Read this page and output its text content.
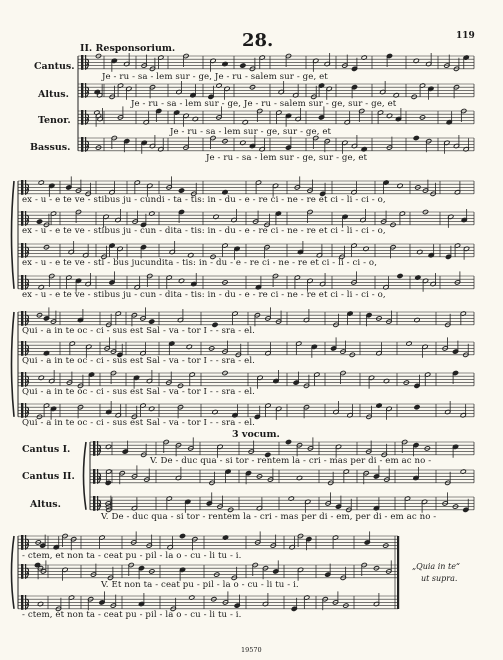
28.	119
II. Responsorium.
Cantus.
Altus.
Tenor.
Bassus.
Je - ru - sa - lem sur - ge, Je - ru - salem sur - ge, et
Je - ru - sa - lem sur - ge, Je - ru - salem sur - ge, sur - ge, et
Je - ru - sa - lem sur - ge, sur - ge, et
Je - ru - sa - lem sur - ge, sur - ge, et
ex - u - e te ve - stibus ju - cundi - ta - tis: in - du - e - re ci - ne - re et ci - li - ci - o,
ex - u - e te ve - stibus ju - cun - dita - tis: in - du - e - re ci - ne - re et ci - li - ci - o,
ex - u - e te ve - sti - bus jucundita - tis: in - du - e - re ci - ne - re et ci - li - ci - o,
ex - u - e te ve - stibus ju - cun - dita - tis: in - du - e - re ci - ne - re et ci - li - ci - o,
Qui - a in te oc - ci - sus est Sal - va - tor I - - sra - el.
Qui - a in te oc - ci - sus est Sal - va - tor I - - sra - el.
Qui - a in te oc - ci - sus est Sal - va - tor I - - sra - el.
Qui - a in te oc - ci - sus est Sal - va - tor I - - sra - el.
3 vocum.
Cantus I.
Cantus II.
Altus.
V. De - duc qua - si tor - rentem la - cri - mas per di - em ac no -
V. De - duc qua - si tor - rentem la - cri - mas per di - em, per di - em ac no -
- ctem, et non ta - ceat pu - pil - la o - cu - li tu - i.
V. Et non ta - ceat pu - pil - la o - cu - li tu - i.
- ctem, et non ta - ceat pu - pil - la o - cu - li tu - i.
„Quia in te“
ut supra.
19570
